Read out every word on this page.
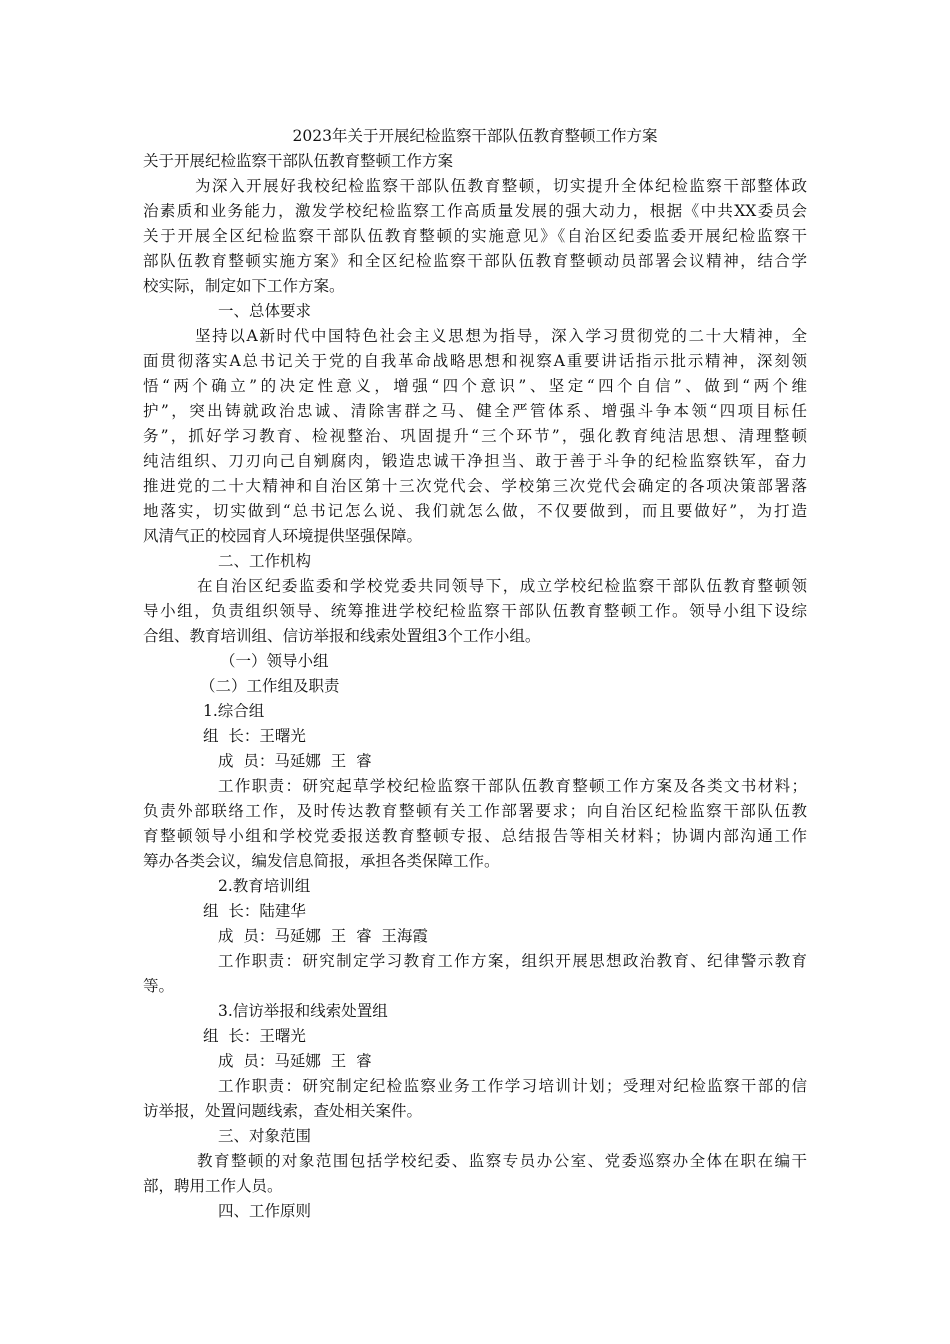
2023年关于开展纪检监察干部队伍教育整顿工作方案
关于开展纪检监察干部队伍教育整顿工作方案
为深入开展好我校纪检监察干部队伍教育整顿，切实提升全体纪检监察干部整体政
治素质和业务能力，激发学校纪检监察工作高质量发展的强大动力，根据《中共XX委员会
关于开展全区纪检监察干部队伍教育整顿的实施意见》《自治区纪委监委开展纪检监察干
部队伍教育整顿实施方案》和全区纪检监察干部队伍教育整顿动员部署会议精神，结合学
校实际，制定如下工作方案。
一、总体要求
坚持以A新时代中国特色社会主义思想为指导，深入学习贯彻党的二十大精神，全
面贯彻落实A总书记关于党的自我革命战略思想和视察A重要讲话指示批示精神，深刻领
悟“两个确立”的决定性意义，增强“四个意识”、坚定“四个自信”、做到“两个维
护”，突出铸就政治忠诚、清除害群之马、健全严管体系、增强斗争本领“四项目标任
务”，抓好学习教育、检视整治、巩固提升“三个环节”，强化教育纯洁思想、清理整顿
纯洁组织、刀刃向己自剜腐肉，锻造忠诚干净担当、敢于善于斗争的纪检监察铁军，奋力
推进党的二十大精神和自治区第十三次党代会、学校第三次党代会确定的各项决策部署落
地落实，切实做到“总书记怎么说、我们就怎么做，不仅要做到，而且要做好”，为打造
风清气正的校园育人环境提供坚强保障。
二、工作机构
在自治区纪委监委和学校党委共同领导下，成立学校纪检监察干部队伍教育整顿领
导小组，负责组织领导、统筹推进学校纪检监察干部队伍教育整顿工作。领导小组下设综
合组、教育培训组、信访举报和线索处置组3个工作小组。
（一）领导小组
（二）工作组及职责
1.综合组
组  长：王曙光
成  员：马延娜  王  睿
工作职责：研究起草学校纪检监察干部队伍教育整顿工作方案及各类文书材料；
负责外部联络工作，及时传达教育整顿有关工作部署要求；向自治区纪检监察干部队伍教
育整顿领导小组和学校党委报送教育整顿专报、总结报告等相关材料；协调内部沟通工作
筹办各类会议，编发信息简报，承担各类保障工作。
2.教育培训组
组  长：陆建华
成  员：马延娜  王  睿  王海霞
工作职责：研究制定学习教育工作方案，组织开展思想政治教育、纪律警示教育
等。
3.信访举报和线索处置组
组  长：王曙光
成  员：马延娜  王  睿
工作职责：研究制定纪检监察业务工作学习培训计划；受理对纪检监察干部的信
访举报，处置问题线索，查处相关案件。
三、对象范围
教育整顿的对象范围包括学校纪委、监察专员办公室、党委巡察办全体在职在编干
部，聘用工作人员。
四、工作原则
